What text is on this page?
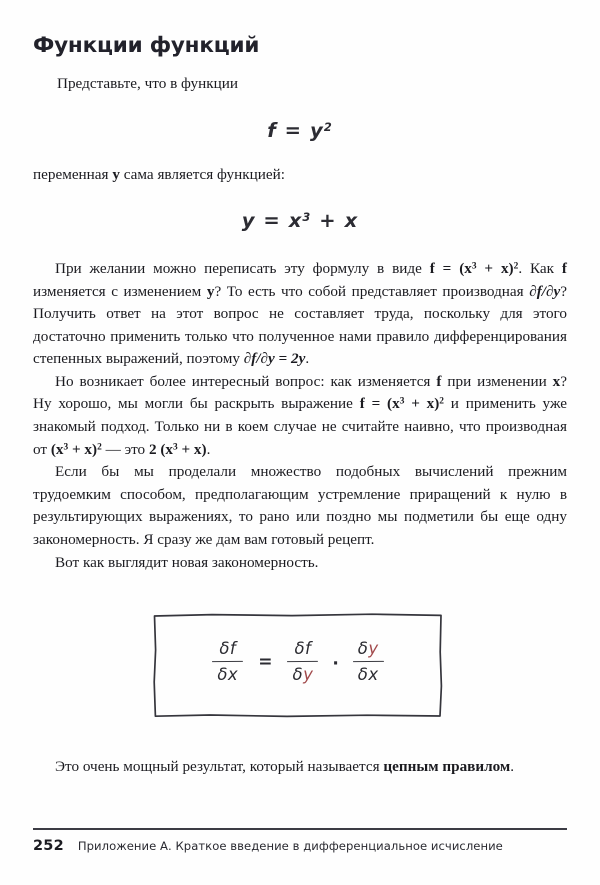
Функции функций

Представьте, что в функции

$f = y^2$

переменная y сама является функцией:

$y = x^3 + x$

При желании можно переписать эту формулу в виде $f = (x^3 + x)^2$. Как f изменяется с изменением y? То есть что собой представляет производная ∂f/∂y? Получить ответ на этот вопрос не составляет труда, поскольку для этого достаточно применить только что полученное нами правило дифференцирования степенных выражений, поэтому ∂f/∂y = 2y.

Но возникает более интересный вопрос: как изменяется f при изменении x? Ну хорошо, мы могли бы раскрыть выражение $f = (x^3 + x)^2$ и применить уже знакомый подход. Только ни в коем случае не считайте наивно, что производная от $(x^3 + x)^2$ — это 2 $(x^3 + x)$.

Если бы мы проделали множество подобных вычислений прежним трудоемким способом, предполагающим устремление приращений к нулю в результирующих выражениях, то рано или поздно мы подметили бы еще одну закономерность. Я сразу же дам вам готовый рецепт.

Вот как выглядит новая закономерность.

$\frac{\delta f}{\delta x} = \frac{\delta f}{\delta y} \cdot \frac{\delta y}{\delta x}$

Это очень мощный результат, который называется цепным правилом.

252 Приложение А. Краткое введение в дифференциальное исчисление
